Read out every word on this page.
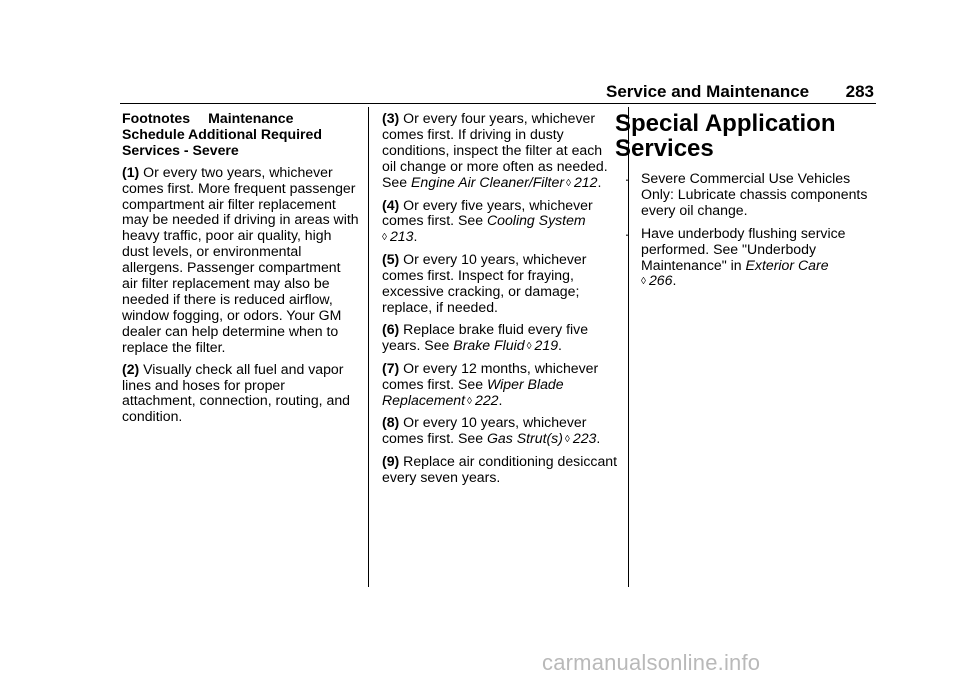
Service and Maintenance 283

Footnotes Maintenance Schedule Additional Required Services - Severe

(1) Or every two years, whichever comes first. More frequent passenger compartment air filter replacement may be needed if driving in areas with heavy traffic, poor air quality, high dust levels, or environmental allergens. Passenger compartment air filter replacement may also be needed if there is reduced airflow, window fogging, or odors. Your GM dealer can help determine when to replace the filter.

(2) Visually check all fuel and vapor lines and hoses for proper attachment, connection, routing, and condition.

(3) Or every four years, whichever comes first. If driving in dusty conditions, inspect the filter at each oil change or more often as needed. See Engine Air Cleaner/Filter ◊ 212.

(4) Or every five years, whichever comes first. See Cooling System
◊ 213.

(5) Or every 10 years, whichever comes first. Inspect for fraying, excessive cracking, or damage; replace, if needed.

(6) Replace brake fluid every five years. See Brake Fluid ◊ 219.

(7) Or every 12 months, whichever comes first. See Wiper Blade Replacement ◊ 222.

(8) Or every 10 years, whichever comes first. See Gas Strut(s) ◊ 223.

(9) Replace air conditioning desiccant every seven years.

Special Application Services
. Severe Commercial Use Vehicles Only: Lubricate chassis components every oil change.
. Have underbody flushing service performed. See "Underbody Maintenance" in Exterior Care
◊ 266.
carmanualsonline.info
